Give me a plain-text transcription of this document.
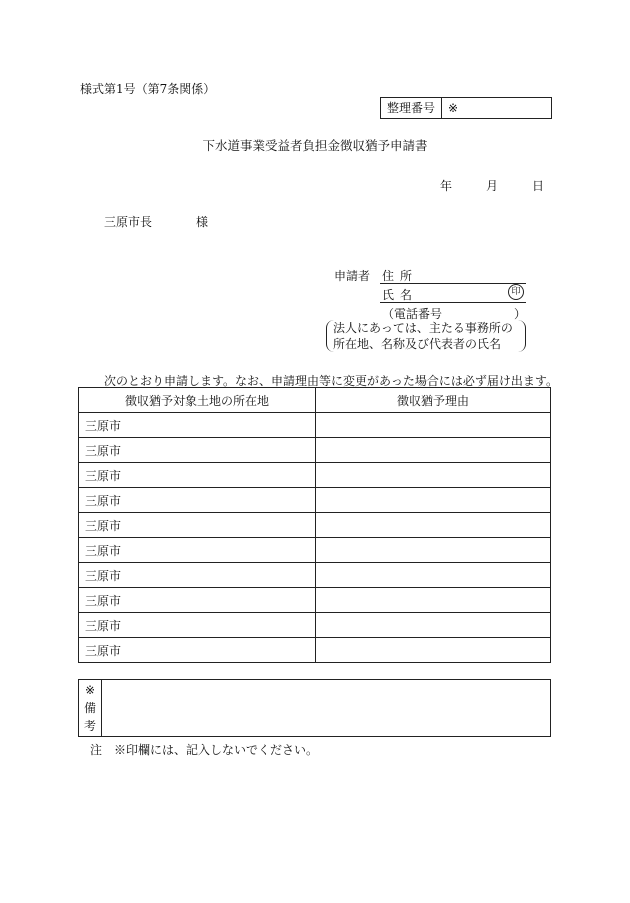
様式第1号（第7条関係）
整理番号	※
下水道事業受益者負担金徴収猶予申請書
年	月	日
三原市長	様
申請者 住所
氏名	印
（電話番号	）
法人にあっては、主たる事務所の
所在地、名称及び代表者の氏名
次のとおり申請します。なお、申請理由等に変更があった場合には必ず届け出ます。
徴収猶予対象土地の所在地	徴収猶予理由
三原市	
三原市	
三原市	
三原市	
三原市	
三原市	
三原市	
三原市	
三原市	
三原市	
※
備
考
注　※印欄には、記入しないでください。
